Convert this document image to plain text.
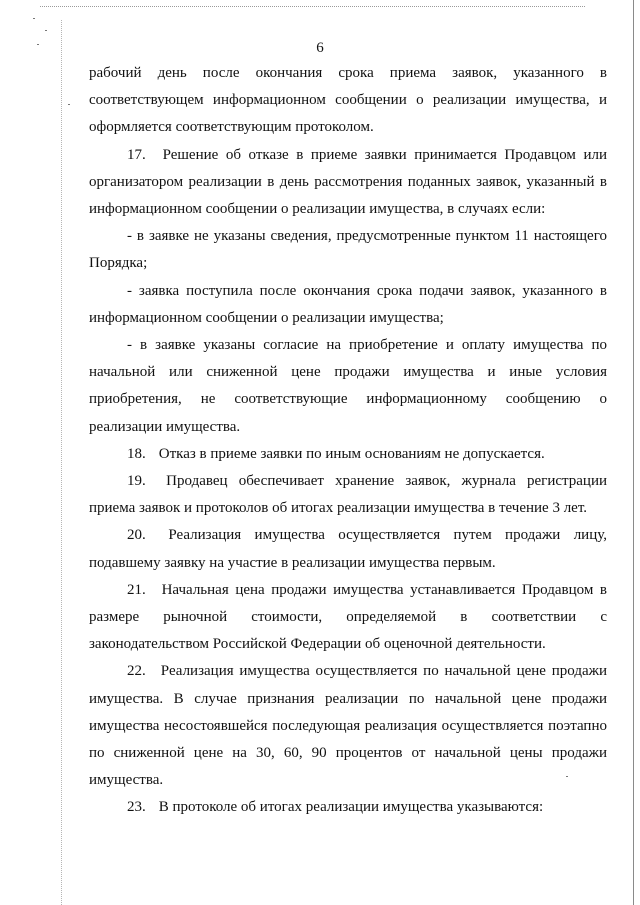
6

рабочий день после окончания срока приема заявок, указанного в соответствующем информационном сообщении о реализации имущества, и оформляется соответствующим протоколом.

17. Решение об отказе в приеме заявки принимается Продавцом или организатором реализации в день рассмотрения поданных заявок, указанный в информационном сообщении о реализации имущества, в случаях если:

- в заявке не указаны сведения, предусмотренные пунктом 11 настоящего Порядка;

- заявка поступила после окончания срока подачи заявок, указанного в информационном сообщении о реализации имущества;

- в заявке указаны согласие на приобретение и оплату имущества по начальной или сниженной цене продажи имущества и иные условия приобретения, не соответствующие информационному сообщению о реализации имущества.

18. Отказ в приеме заявки по иным основаниям не допускается.

19. Продавец обеспечивает хранение заявок, журнала регистрации приема заявок и протоколов об итогах реализации имущества в течение 3 лет.

20. Реализация имущества осуществляется путем продажи лицу, подавшему заявку на участие в реализации имущества первым.

21. Начальная цена продажи имущества устанавливается Продавцом в размере рыночной стоимости, определяемой в соответствии с законодательством Российской Федерации об оценочной деятельности.

22. Реализация имущества осуществляется по начальной цене продажи имущества. В случае признания реализации по начальной цене продажи имущества несостоявшейся последующая реализация осуществляется поэтапно по сниженной цене на 30, 60, 90 процентов от начальной цены продажи имущества.

23. В протоколе об итогах реализации имущества указываются:
